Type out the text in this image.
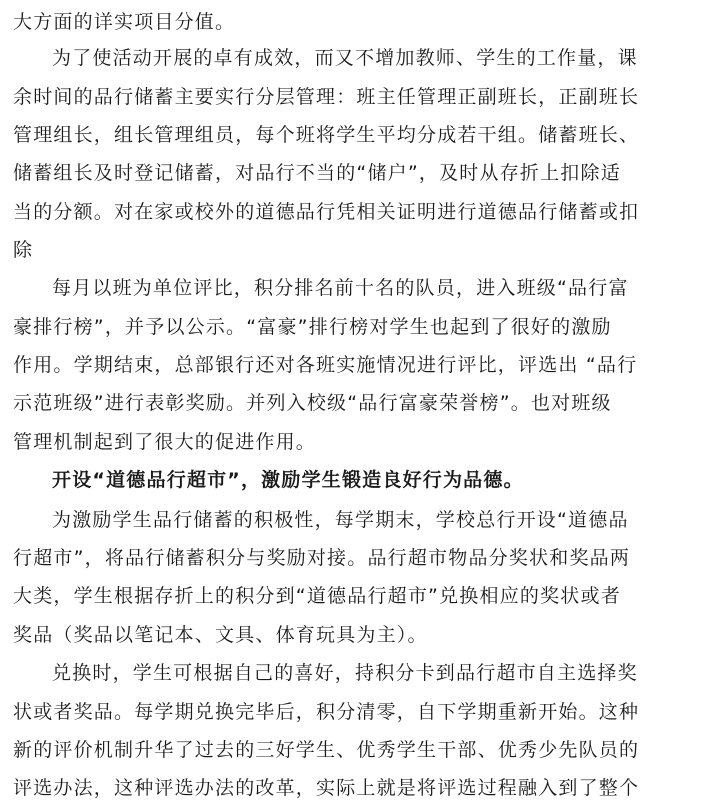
大方面的详实项目分值。
为了使活动开展的卓有成效，而又不增加教师、学生的工作量，课
余时间的品行储蓄主要实行分层管理：班主任管理正副班长，正副班长
管理组长，组长管理组员，每个班将学生平均分成若干组。储蓄班长、
储蓄组长及时登记储蓄，对品行不当的“储户”，及时从存折上扣除适
当的分额。对在家或校外的道德品行凭相关证明进行道德品行储蓄或扣
除
每月以班为单位评比，积分排名前十名的队员，进入班级“品行富
豪排行榜”，并予以公示。“富豪”排行榜对学生也起到了很好的激励
作用。学期结束，总部银行还对各班实施情况进行评比，评选出 “品行
示范班级”进行表彰奖励。并列入校级“品行富豪荣誉榜”。也对班级
管理机制起到了很大的促进作用。
开设“道德品行超市”，激励学生锻造良好行为品德。
为激励学生品行储蓄的积极性，每学期末，学校总行开设“道德品
行超市”，将品行储蓄积分与奖励对接。品行超市物品分奖状和奖品两
大类，学生根据存折上的积分到“道德品行超市”兑换相应的奖状或者
奖品（奖品以笔记本、文具、体育玩具为主）。
兑换时，学生可根据自己的喜好，持积分卡到品行超市自主选择奖
状或者奖品。每学期兑换完毕后，积分清零，自下学期重新开始。这种
新的评价机制升华了过去的三好学生、优秀学生干部、优秀少先队员的
评选办法，这种评选办法的改革，实际上就是将评选过程融入到了整个
